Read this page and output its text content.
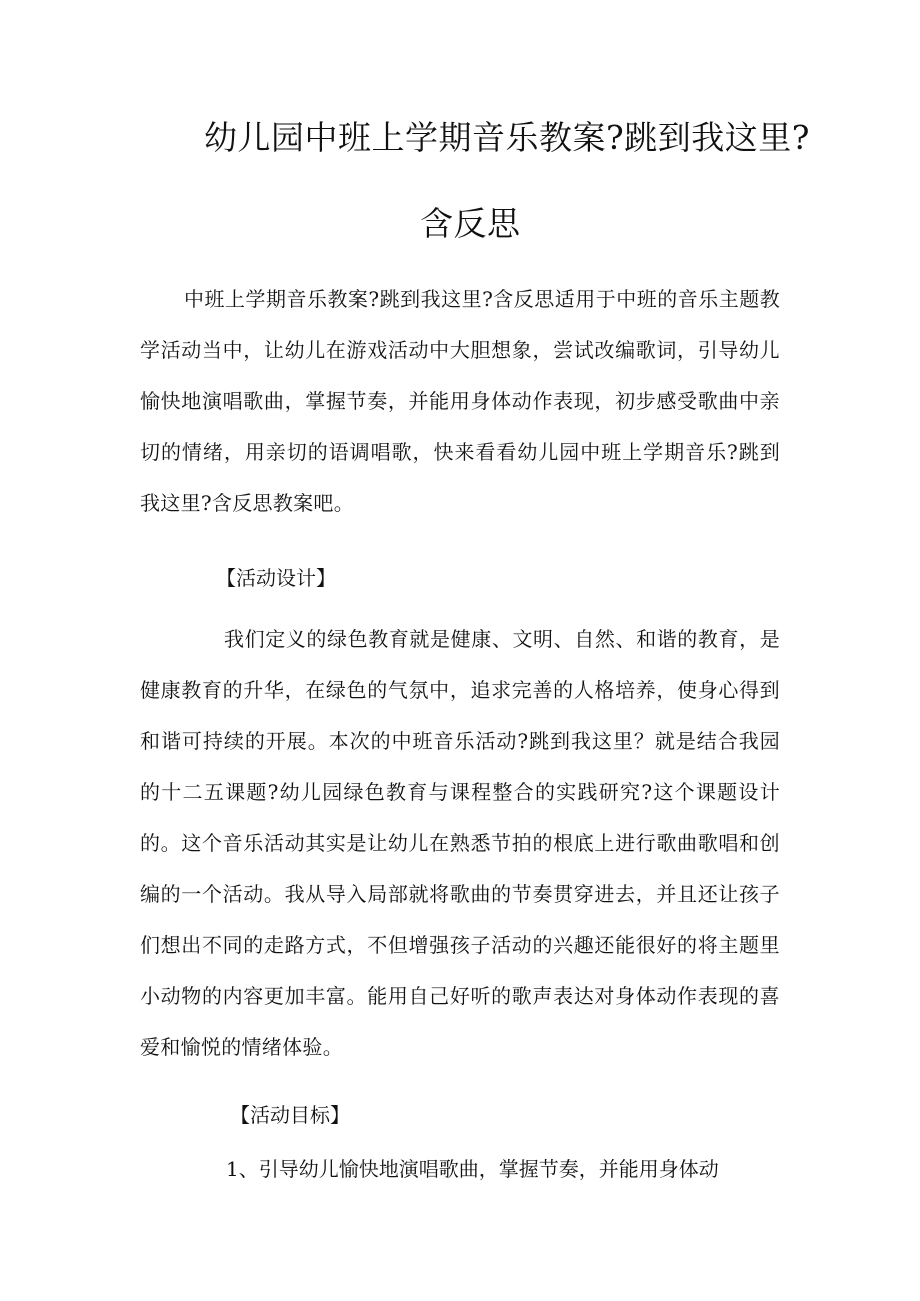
幼儿园中班上学期音乐教案?跳到我这里?
含反思
中班上学期音乐教案?跳到我这里?含反思适用于中班的音乐主题教学活动当中，让幼儿在游戏活动中大胆想象，尝试改编歌词，引导幼儿愉快地演唱歌曲，掌握节奏，并能用身体动作表现，初步感受歌曲中亲切的情绪，用亲切的语调唱歌，快来看看幼儿园中班上学期音乐?跳到我这里?含反思教案吧。
【活动设计】
我们定义的绿色教育就是健康、文明、自然、和谐的教育，是健康教育的升华，在绿色的气氛中，追求完善的人格培养，使身心得到和谐可持续的开展。本次的中班音乐活动?跳到我这里？就是结合我园的十二五课题?幼儿园绿色教育与课程整合的实践研究?这个课题设计的。这个音乐活动其实是让幼儿在熟悉节拍的根底上进行歌曲歌唱和创编的一个活动。我从导入局部就将歌曲的节奏贯穿进去，并且还让孩子们想出不同的走路方式，不但增强孩子活动的兴趣还能很好的将主题里小动物的内容更加丰富。能用自己好听的歌声表达对身体动作表现的喜爱和愉悦的情绪体验。
【活动目标】
1、引导幼儿愉快地演唱歌曲，掌握节奏，并能用身体动
